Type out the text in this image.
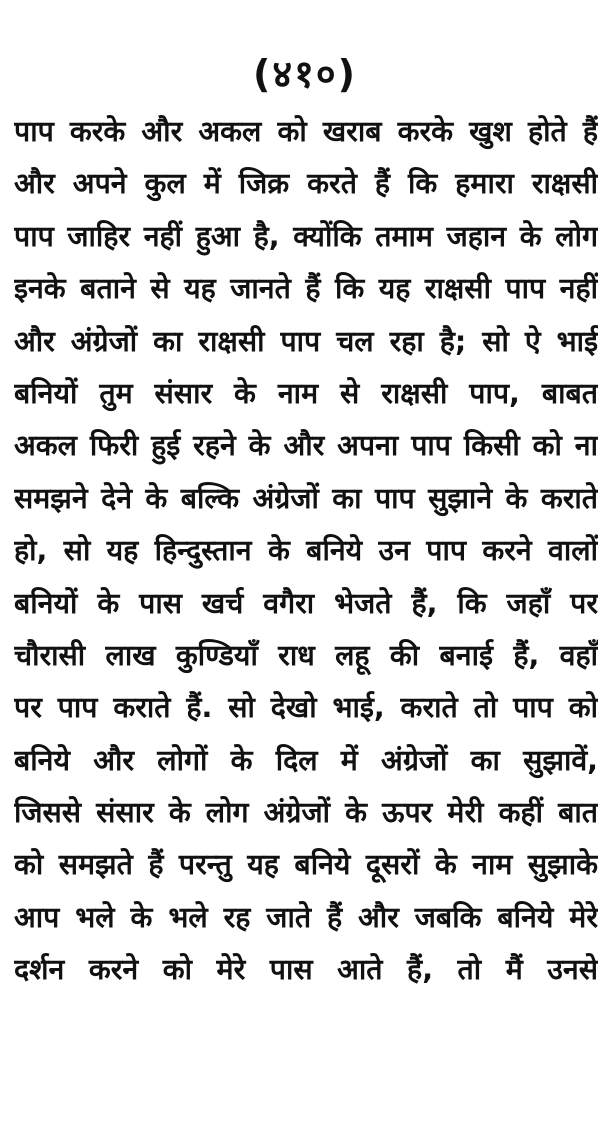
(४१०)
पाप करके और अकल को खराब करके खुश होते हैं
और अपने कुल में जिक्र करते हैं कि हमारा राक्षसी
पाप जाहिर नहीं हुआ है, क्योंकि तमाम जहान के लोग
इनके बताने से यह जानते हैं कि यह राक्षसी पाप नहीं
और अंग्रेजों का राक्षसी पाप चल रहा है; सो ऐ भाई
बनियों तुम संसार के नाम से राक्षसी पाप, बाबत
अकल फिरी हुई रहने के और अपना पाप किसी को ना
समझने देने के बल्कि अंग्रेजों का पाप सुझाने के कराते
हो, सो यह हिन्दुस्तान के बनिये उन पाप करने वालों
बनियों के पास खर्च वगैरा भेजते हैं, कि जहाँ पर
चौरासी लाख कुण्डियाँ राध लहू की बनाई हैं, वहाँ
पर पाप कराते हैं. सो देखो भाई, कराते तो पाप को
बनिये और लोगों के दिल में अंग्रेजों का सुझावें,
जिससे संसार के लोग अंग्रेजों के ऊपर मेरी कहीं बात
को समझते हैं परन्तु यह बनिये दूसरों के नाम सुझाके
आप भले के भले रह जाते हैं और जबकि बनिये मेरे
दर्शन करने को मेरे पास आते हैं, तो मैं उनसे
